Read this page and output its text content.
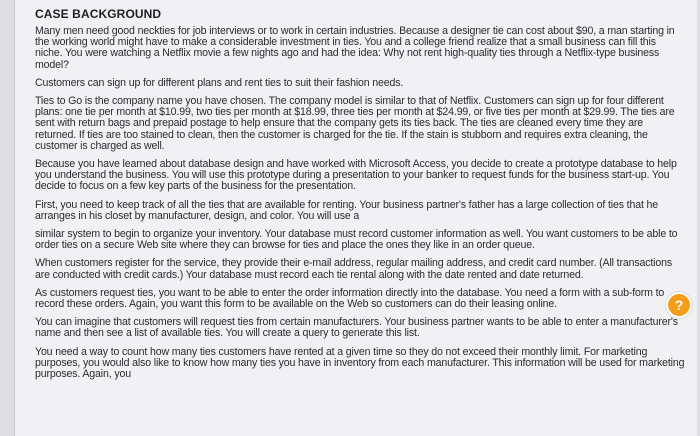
CASE BACKGROUND

Many men need good neckties for job interviews or to work in certain industries. Because a designer tie can cost about $90, a man starting in the working world might have to make a considerable investment in ties. You and a college friend realize that a small business can fill this niche. You were watching a Netflix movie a few nights ago and had the idea: Why not rent high-quality ties through a Netflix-type business model?

Customers can sign up for different plans and rent ties to suit their fashion needs.

Ties to Go is the company name you have chosen. The company model is similar to that of Netflix. Customers can sign up for four different plans: one tie per month at $10.99, two ties per month at $18.99, three ties per month at $24.99, or five ties per month at $29.99. The ties are sent with return bags and prepaid postage to help ensure that the company gets its ties back. The ties are cleaned every time they are returned. If ties are too stained to clean, then the customer is charged for the tie. If the stain is stubborn and requires extra cleaning, the customer is charged as well.

Because you have learned about database design and have worked with Microsoft Access, you decide to create a prototype database to help you understand the business. You will use this prototype during a presentation to your banker to request funds for the business start-up. You decide to focus on a few key parts of the business for the presentation.

First, you need to keep track of all the ties that are available for renting. Your business partner's father has a large collection of ties that he arranges in his closet by manufacturer, design, and color. You will use a

similar system to begin to organize your inventory. Your database must record customer information as well. You want customers to be able to order ties on a secure Web site where they can browse for ties and place the ones they like in an order queue.

When customers register for the service, they provide their e-mail address, regular mailing address, and credit card number. (All transactions are conducted with credit cards.) Your database must record each tie rental along with the date rented and date returned.

As customers request ties, you want to be able to enter the order information directly into the database. You need a form with a sub-form to record these orders. Again, you want this form to be available on the Web so customers can do their leasing online.

You can imagine that customers will request ties from certain manufacturers. Your business partner wants to be able to enter a manufacturer's name and then see a list of available ties. You will create a query to generate this list.

You need a way to count how many ties customers have rented at a given time so they do not exceed their monthly limit. For marketing purposes, you would also like to know how many ties you have in inventory from each manufacturer. This information will be used for marketing purposes. Again, you

?
